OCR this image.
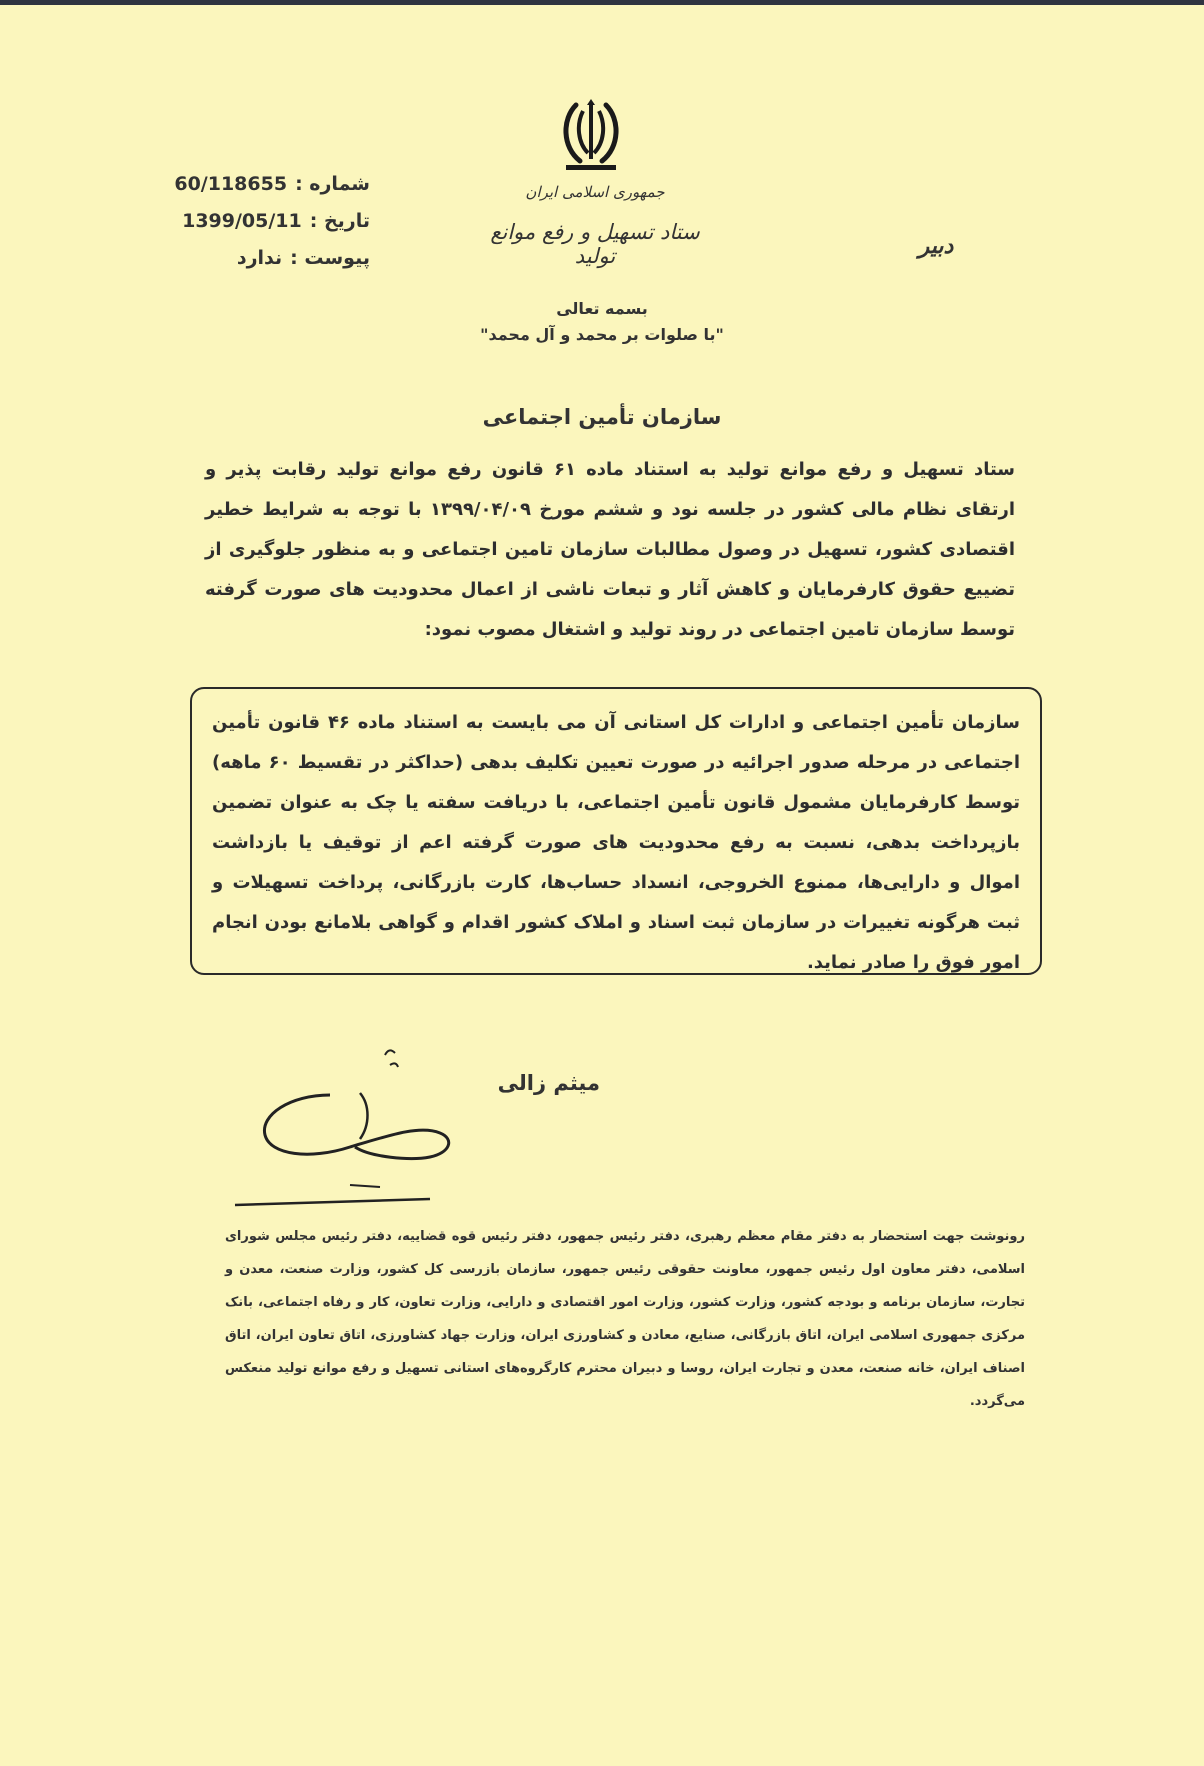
جمهوری اسلامی ایران
ستاد تسهیل و رفع موانع تولید	دبیر
60/118655 شماره :
1399/05/11 تاریخ :
ندارد پیوست :
بسمه تعالی
"با صلوات بر محمد و آل محمد"
سازمان تأمین اجتماعی
ستاد تسهیل و رفع موانع تولید به استناد ماده ۶۱ قانون رفع موانع تولید رقابت پذیر و ارتقای نظام مالی کشور در جلسه نود و ششم مورخ ۱۳۹۹/۰۴/۰۹ با توجه به شرایط خطیر اقتصادی کشور، تسهیل در وصول مطالبات سازمان تامین اجتماعی و به منظور جلوگیری از تضییع حقوق کارفرمایان و کاهش آثار و تبعات ناشی از اعمال محدودیت های صورت گرفته توسط سازمان تامین اجتماعی در روند تولید و اشتغال مصوب نمود:
سازمان تأمین اجتماعی و ادارات کل استانی آن می بایست به استناد ماده ۴۶ قانون تأمین اجتماعی در مرحله صدور اجرائیه در صورت تعیین تکلیف بدهی (حداکثر در تقسیط ۶۰ ماهه) توسط کارفرمایان مشمول قانون تأمین اجتماعی، با دریافت سفته یا چک به عنوان تضمین بازپرداخت بدهی، نسبت به رفع محدودیت های صورت گرفته اعم از توقیف یا بازداشت اموال و دارایی‌ها، ممنوع الخروجی، انسداد حساب‌ها، کارت بازرگانی، پرداخت تسهیلات و ثبت هرگونه تغییرات در سازمان ثبت اسناد و املاک کشور اقدام و گواهی بلامانع بودن انجام امور فوق را صادر نماید.
میثم زالی
رونوشت جهت استحضار به دفتر مقام معظم رهبری، دفتر رئیس جمهور، دفتر رئیس قوه قضاییه، دفتر رئیس مجلس شورای اسلامی، دفتر معاون اول رئیس جمهور، معاونت حقوقی رئیس جمهور، سازمان بازرسی کل کشور، وزارت صنعت، معدن و تجارت، سازمان برنامه و بودجه کشور، وزارت کشور، وزارت امور اقتصادی و دارایی، وزارت تعاون، کار و رفاه اجتماعی، بانک مرکزی جمهوری اسلامی ایران، اتاق بازرگانی، صنایع، معادن و کشاورزی ایران، وزارت جهاد کشاورزی، اتاق تعاون ایران، اتاق اصناف ایران، خانه صنعت، معدن و تجارت ایران، روسا و دبیران محترم کارگروه‌های استانی تسهیل و رفع موانع تولید منعکس می‌گردد.
